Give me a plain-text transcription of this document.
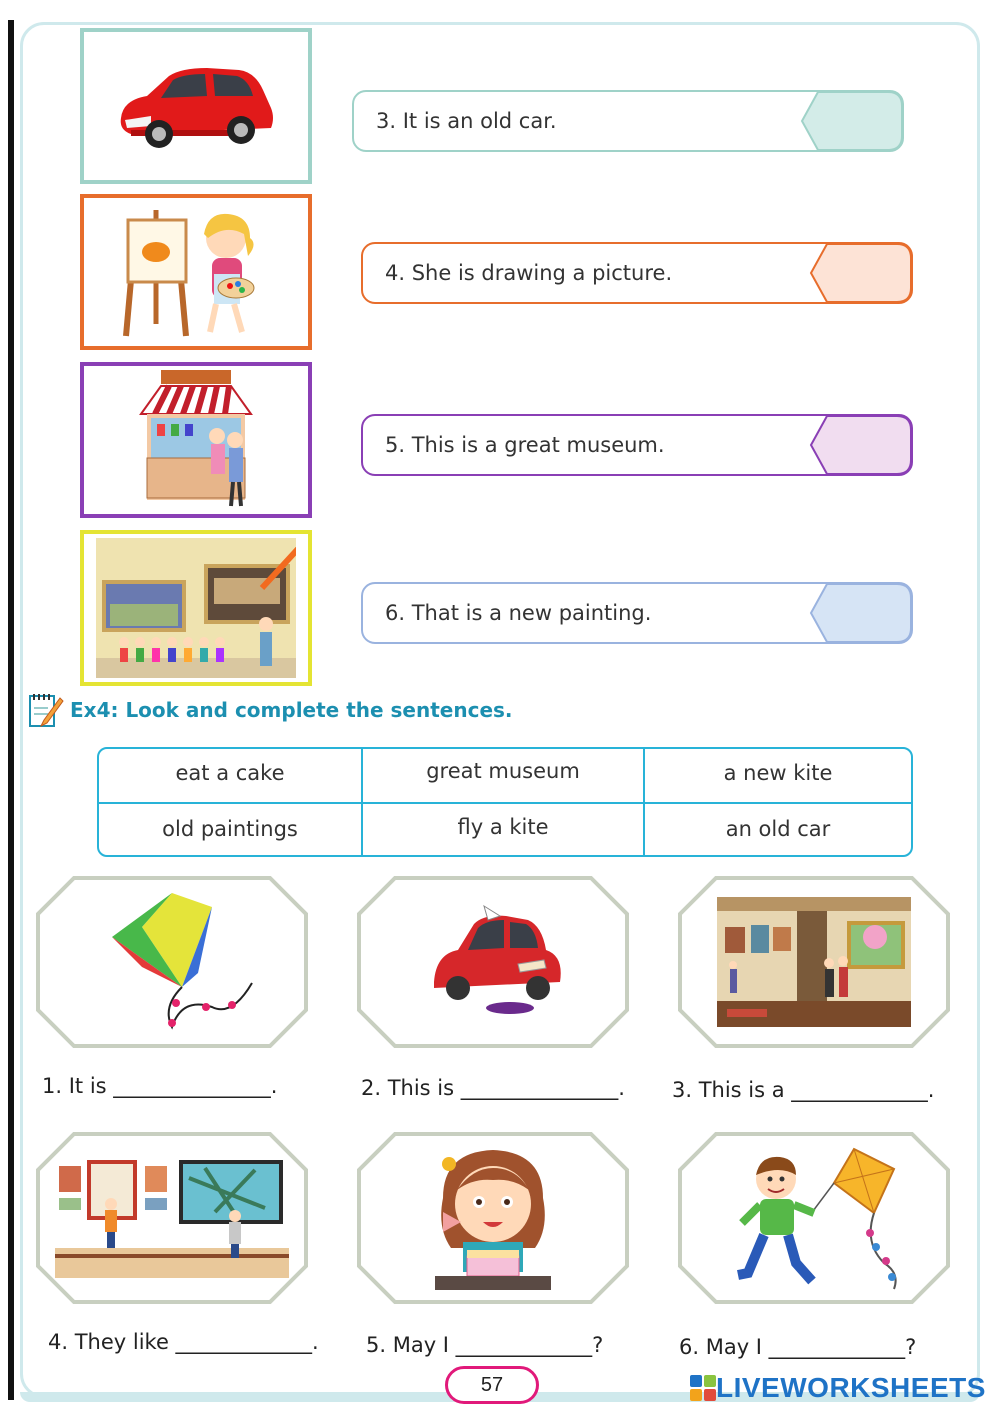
3. It is an old car.
4. She is drawing a picture.
5. This is a great museum.
6. That is a new painting.
Ex4: Look and complete the sentences.
eat a cake	great museum	a new kite
old paintings	fly a kite	an old car
1. It is _______________.	2. This is _______________. 3. This is a _____________.
4. They like _____________. 5. May I _____________?	6. May I _____________?
57	LIVEWORKSHEETS
